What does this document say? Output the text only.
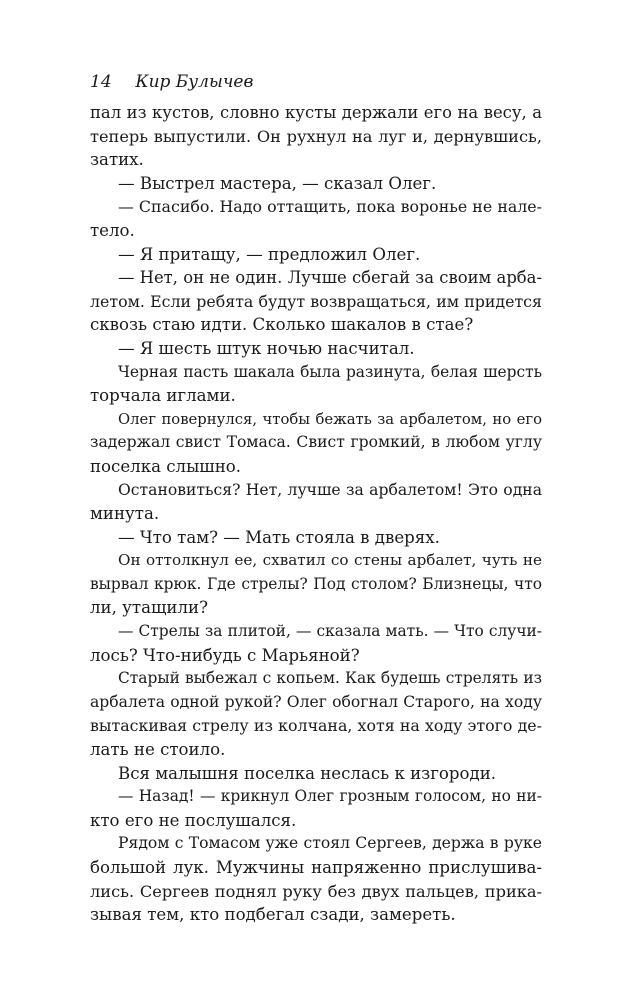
14 Кир Булычев
пал из кустов, словно кусты держали его на весу, а
теперь выпустили. Он рухнул на луг и, дернувшись,
затих.
— Выстрел мастера, — сказал Олег.
— Спасибо. Надо оттащить, пока воронье не нале-
тело.
— Я притащу, — предложил Олег.
— Нет, он не один. Лучше сбегай за своим арба-
летом. Если ребята будут возвращаться, им придется
сквозь стаю идти. Сколько шакалов в стае?
— Я шесть штук ночью насчитал.
Черная пасть шакала была разинута, белая шерсть
торчала иглами.
Олег повернулся, чтобы бежать за арбалетом, но его
задержал свист Томаса. Свист громкий, в любом углу
поселка слышно.
Остановиться? Нет, лучше за арбалетом! Это одна
минута.
— Что там? — Мать стояла в дверях.
Он оттолкнул ее, схватил со стены арбалет, чуть не
вырвал крюк. Где стрелы? Под столом? Близнецы, что
ли, утащили?
— Стрелы за плитой, — сказала мать. — Что случи-
лось? Что-нибудь с Марьяной?
Старый выбежал с копьем. Как будешь стрелять из
арбалета одной рукой? Олег обогнал Старого, на ходу
вытаскивая стрелу из колчана, хотя на ходу этого де-
лать не стоило.
Вся малышня поселка неслась к изгороди.
— Назад! — крикнул Олег грозным голосом, но ни-
кто его не послушался.
Рядом с Томасом уже стоял Сергеев, держа в руке
большой лук. Мужчины напряженно прислушива-
лись. Сергеев поднял руку без двух пальцев, прика-
зывая тем, кто подбегал сзади, замереть.
